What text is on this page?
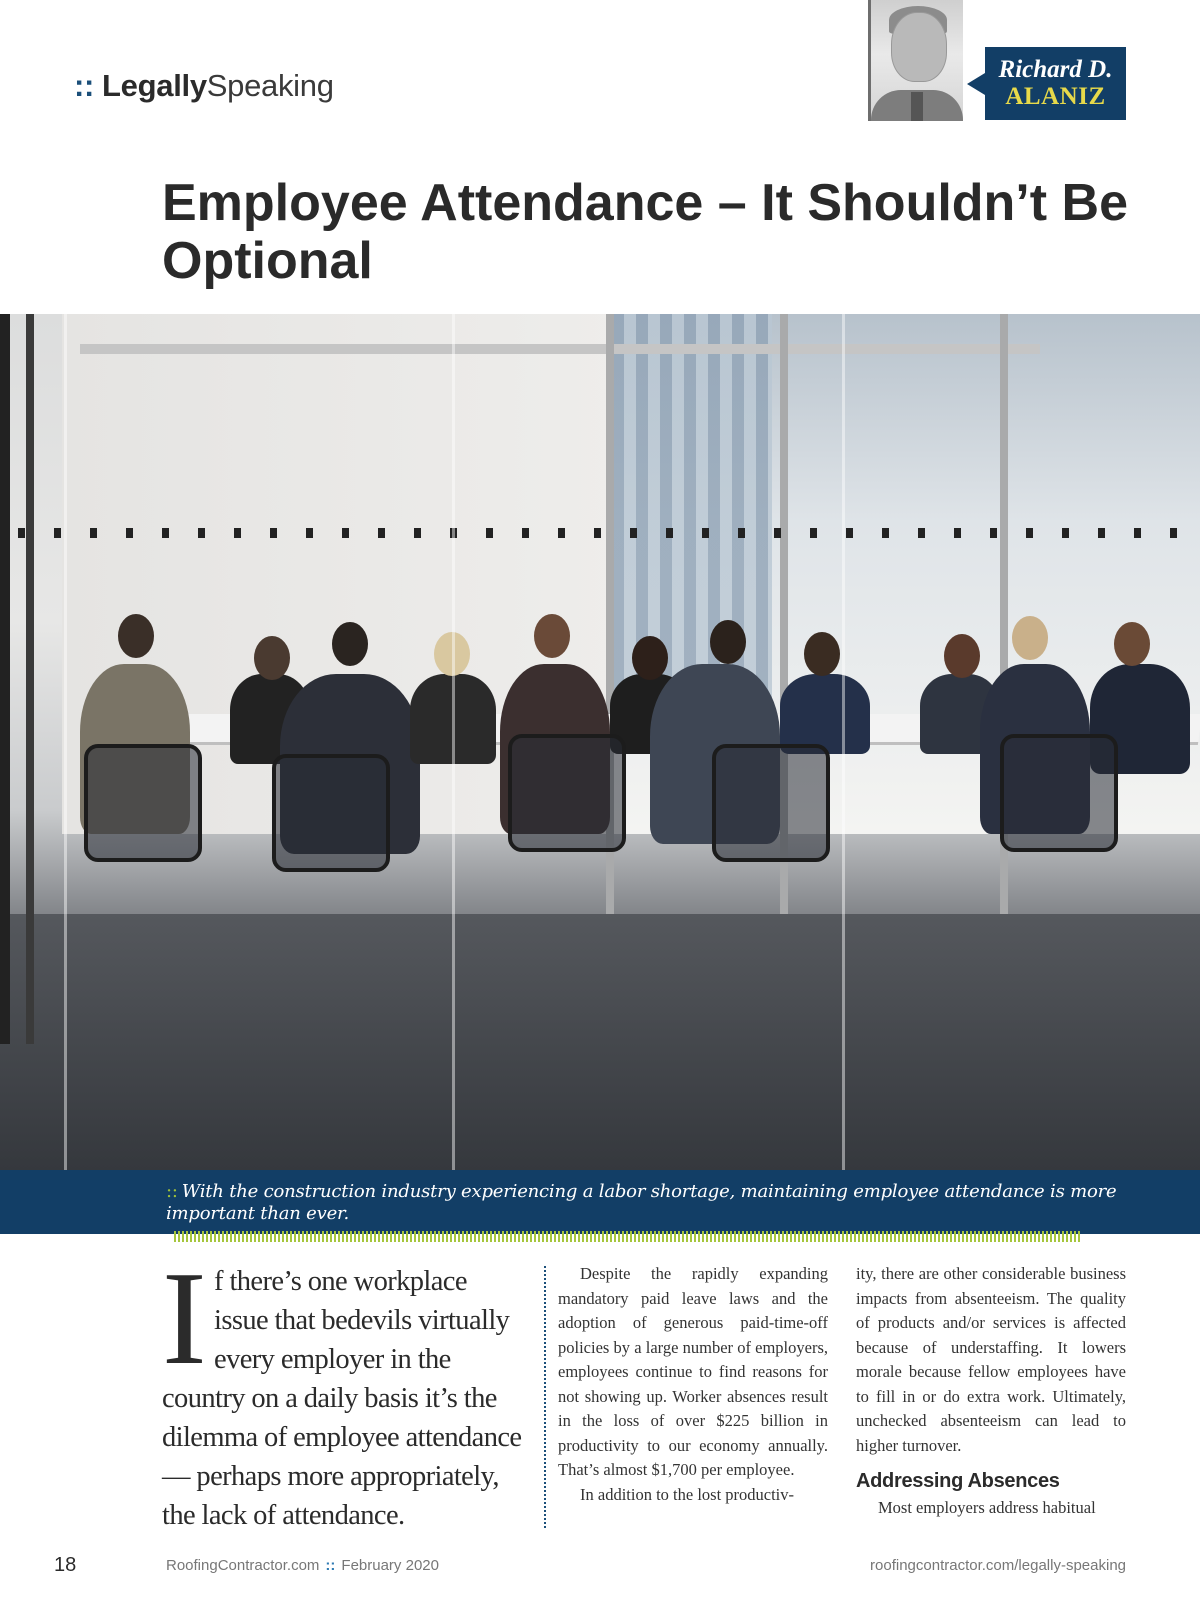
:: LegallySpeaking	Richard D.
ALANIZ
Employee Attendance – It Shouldn’t Be Optional
:: With the construction industry experiencing a labor shortage, maintaining employee attendance is more important than ever.

If there’s one workplace issue that bedevils virtually every employer in the country on a daily basis it’s the dilemma of employee attendance — perhaps more appropriately, the lack of attendance.

Despite the rapidly expanding mandatory paid leave laws and the adoption of generous paid-time-off policies by a large number of employers, employees continue to find reasons for not showing up. Worker absences result in the loss of over $225 billion in productivity to our economy annually. That’s almost $1,700 per employee.

In addition to the lost productiv-

ity, there are other considerable business impacts from absenteeism. The quality of products and/or services is affected because of understaffing. It lowers morale because fellow employees have to fill in or do extra work. Ultimately, unchecked absenteeism can lead to higher turnover.

Addressing Absences

Most employers address habitual

18	RoofingContractor.com :: February 2020	roofingcontractor.com/legally-speaking
